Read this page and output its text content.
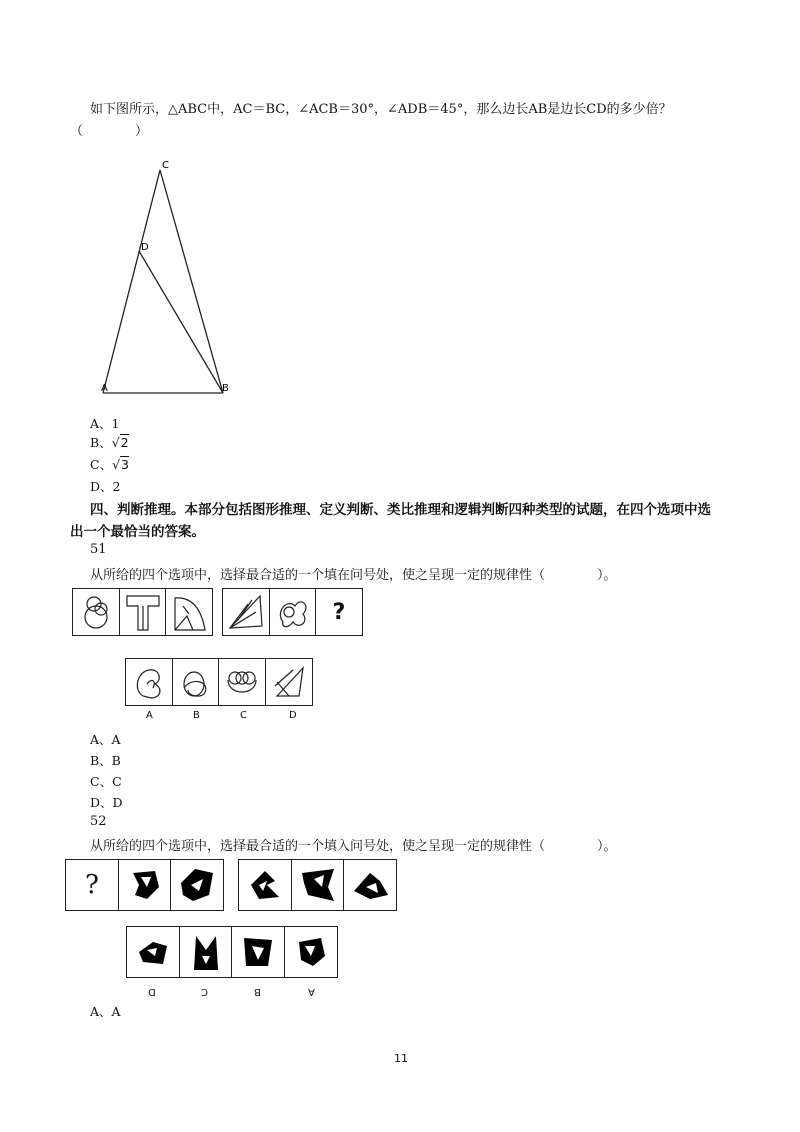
如下图所示，△ABC中，AC＝BC，∠ACB＝30°，∠ADB＝45°，那么边长AB是边长CD的多少倍？
（　　　　）
C
D
A	B
A、1
B、√2
C、√3
D、2
四、判断推理。本部分包括图形推理、定义判断、类比推理和逻辑判断四种类型的试题，在四个选项中选
出一个最恰当的答案。
51
从所给的四个选项中，选择最合适的一个填在问号处，使之呈现一定的规律性（　　　　）。
?
A	B	C	D
A、A
B、B
C、C
D、D
52
从所给的四个选项中，选择最合适的一个填入问号处，使之呈现一定的规律性（　　　　）。
?
D	C	B	A
A、A
11
